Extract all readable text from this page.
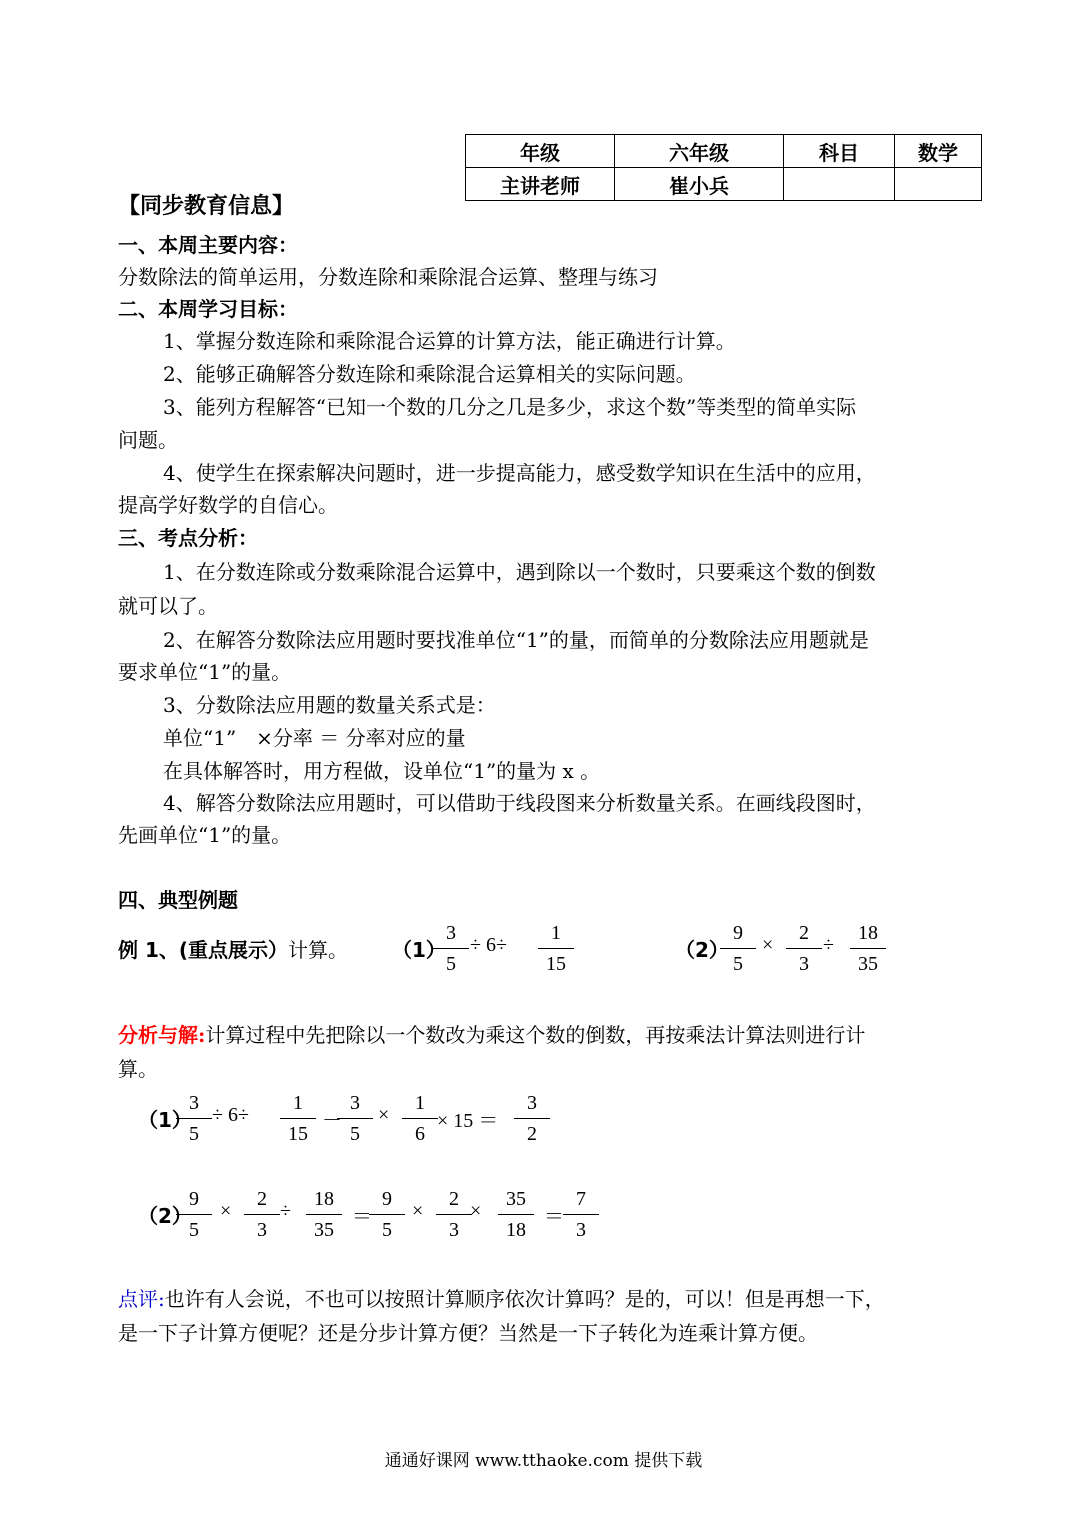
年级	六年级	科目	数学
主讲老师	崔小兵		
【同步教育信息】
一、本周主要内容：
分数除法的简单运用，分数连除和乘除混合运算、整理与练习
二、本周学习目标：
1、掌握分数连除和乘除混合运算的计算方法，能正确进行计算。
2、能够正确解答分数连除和乘除混合运算相关的实际问题。
3、能列方程解答“已知一个数的几分之几是多少，求这个数”等类型的简单实际
问题。
4、使学生在探索解决问题时，进一步提高能力，感受数学知识在生活中的应用，
提高学好数学的自信心。
三、考点分析：
1、在分数连除或分数乘除混合运算中，遇到除以一个数时，只要乘这个数的倒数
就可以了。
2、在解答分数除法应用题时要找准单位“1”的量，而简单的分数除法应用题就是
要求单位“1”的量。
3、分数除法应用题的数量关系式是：
单位“1”　×分率 ＝ 分率对应的量
在具体解答时，用方程做，设单位“1”的量为 x 。
4、解答分数除法应用题时，可以借助于线段图来分析数量关系。在画线段图时，
先画单位“1”的量。
四、典型例题
例 1、(重点展示）计算。 （1）
3
5
÷ 6÷
1
15
（2）
9
5
×
2
3
÷
18
35
分析与解:计算过程中先把除以一个数改为乘这个数的倒数，再按乘法计算法则进行计
算。
（1）
3
5
÷ 6÷
1
15
－
3
5
×
1
6
× 15 ＝
3
2
（2）
9
5
×
2
3
÷
18
35
＝
9
5
×
2
3
×
35
18
＝
7
3
点评:也许有人会说，不也可以按照计算顺序依次计算吗？是的，可以！但是再想一下，
是一下子计算方便呢？还是分步计算方便？当然是一下子转化为连乘计算方便。
通通好课网 www.tthaoke.com 提供下载
